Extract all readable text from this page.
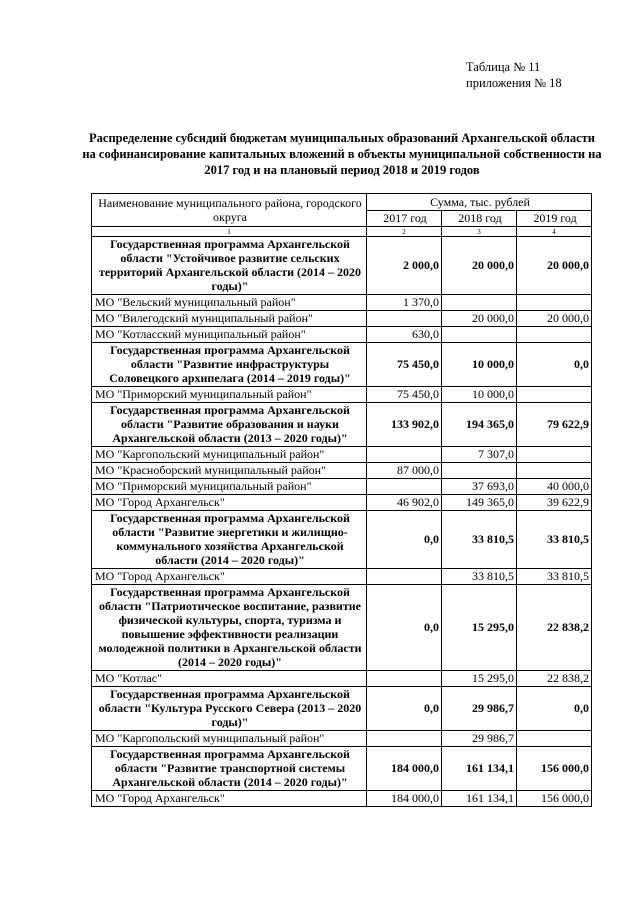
Таблица № 11
приложения № 18
Распределение субсидий бюджетам муниципальных образований Архангельской области на софинансирование капитальных вложений в объекты муниципальной собственности на 2017 год и на плановый период 2018 и 2019 годов
Наименование муниципального района, городского округа	Сумма, тыс. рублей		
	2017 год	2018 год	2019 год
1	2	3	4
Государственная программа Архангельской области "Устойчивое развитие сельских территорий Архангельской области (2014 – 2020 годы)"	2 000,0	20 000,0	20 000,0
МО "Вельский муниципальный район"	1 370,0		
МО "Вилегодский муниципальный район"		20 000,0	20 000,0
МО "Котласский муниципальный район"	630,0		
Государственная программа Архангельской области "Развитие инфраструктуры Соловецкого архипелага (2014 – 2019 годы)"	75 450,0	10 000,0	0,0
МО "Приморский муниципальный район"	75 450,0	10 000,0	
Государственная программа Архангельской области "Развитие образования и науки Архангельской области (2013 – 2020 годы)"	133 902,0	194 365,0	79 622,9
МО "Каргопольский муниципальный район"		7 307,0	
МО "Красноборский муниципальный район"	87 000,0		
МО "Приморский муниципальный район"		37 693,0	40 000,0
МО "Город Архангельск"	46 902,0	149 365,0	39 622,9
Государственная программа Архангельской области "Развитие энергетики и жилищно-коммунального хозяйства Архангельской области (2014 – 2020 годы)"	0,0	33 810,5	33 810,5
МО "Город Архангельск"		33 810,5	33 810,5
Государственная программа Архангельской области "Патриотическое воспитание, развитие физической культуры, спорта, туризма и повышение эффективности реализации молодежной политики в Архангельской области (2014 – 2020 годы)"	0,0	15 295,0	22 838,2
МО "Котлас"		15 295,0	22 838,2
Государственная программа Архангельской области "Культура Русского Севера (2013 – 2020 годы)"	0,0	29 986,7	0,0
МО "Каргопольский муниципальный район"		29 986,7	
Государственная программа Архангельской области "Развитие транспортной системы Архангельской области (2014 – 2020 годы)"	184 000,0	161 134,1	156 000,0
МО "Город Архангельск"	184 000,0	161 134,1	156 000,0
